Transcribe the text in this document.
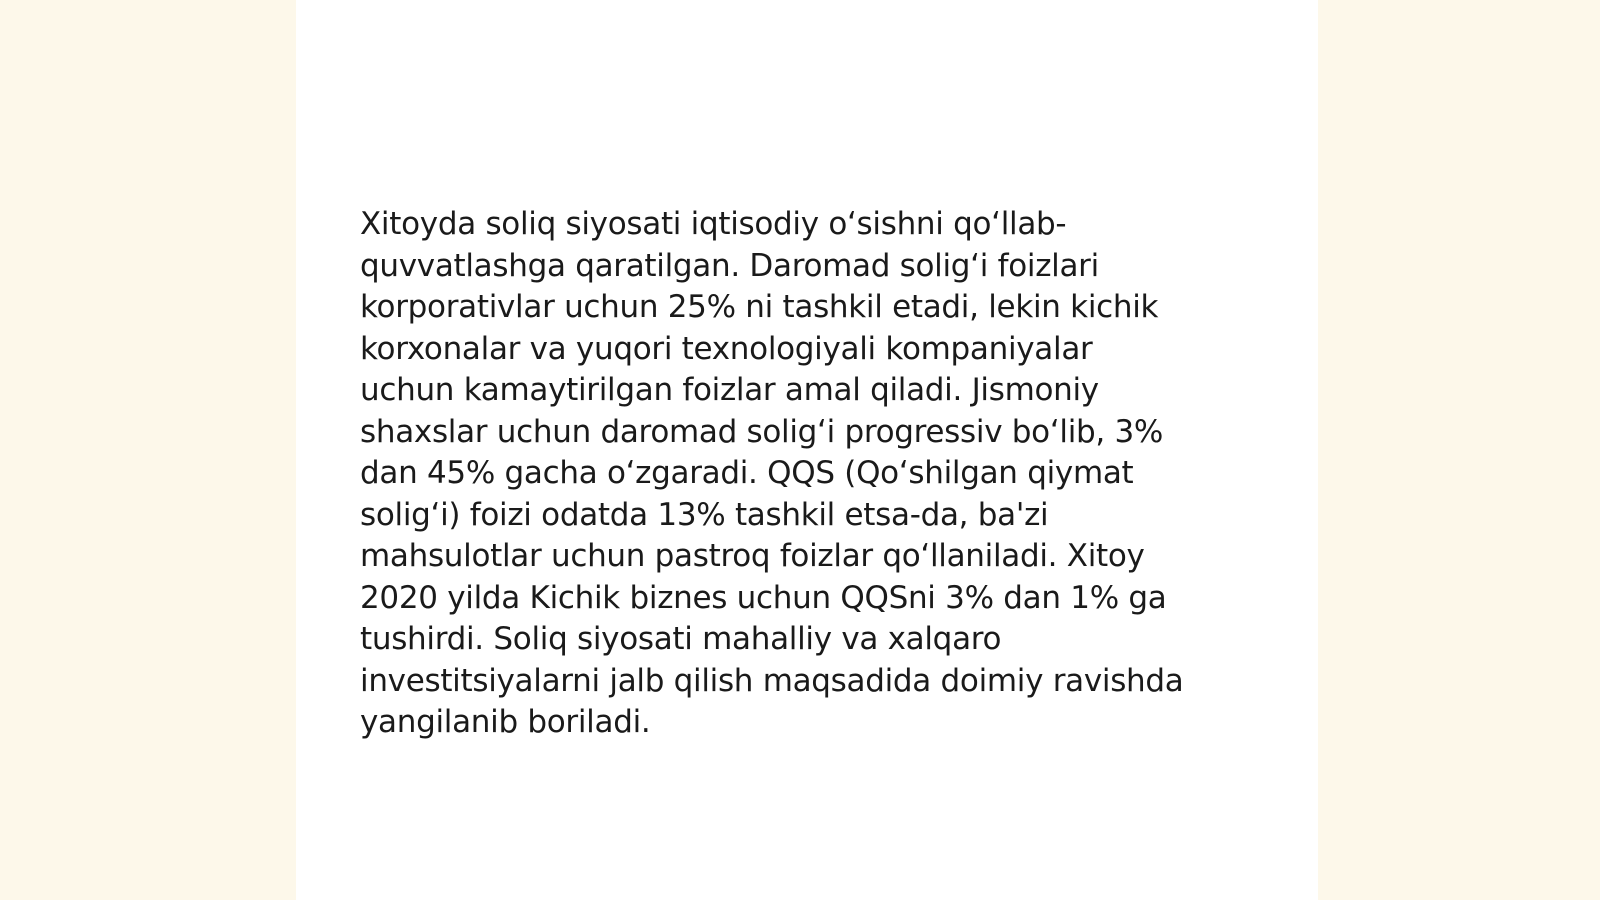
Xitoyda soliq siyosati iqtisodiy o‘sishni qo‘llab-
quvvatlashga qaratilgan. Daromad solig‘i foizlari
korporativlar uchun 25% ni tashkil etadi, lekin kichik
korxonalar va yuqori texnologiyali kompaniyalar
uchun kamaytirilgan foizlar amal qiladi. Jismoniy
shaxslar uchun daromad solig‘i progressiv bo‘lib, 3%
dan 45% gacha o‘zgaradi. QQS (Qo‘shilgan qiymat
solig‘i) foizi odatda 13% tashkil etsa-da, ba'zi
mahsulotlar uchun pastroq foizlar qo‘llaniladi. Xitoy
2020 yilda Kichik biznes uchun QQSni 3% dan 1% ga
tushirdi. Soliq siyosati mahalliy va xalqaro
investitsiyalarni jalb qilish maqsadida doimiy ravishda
yangilanib boriladi.
